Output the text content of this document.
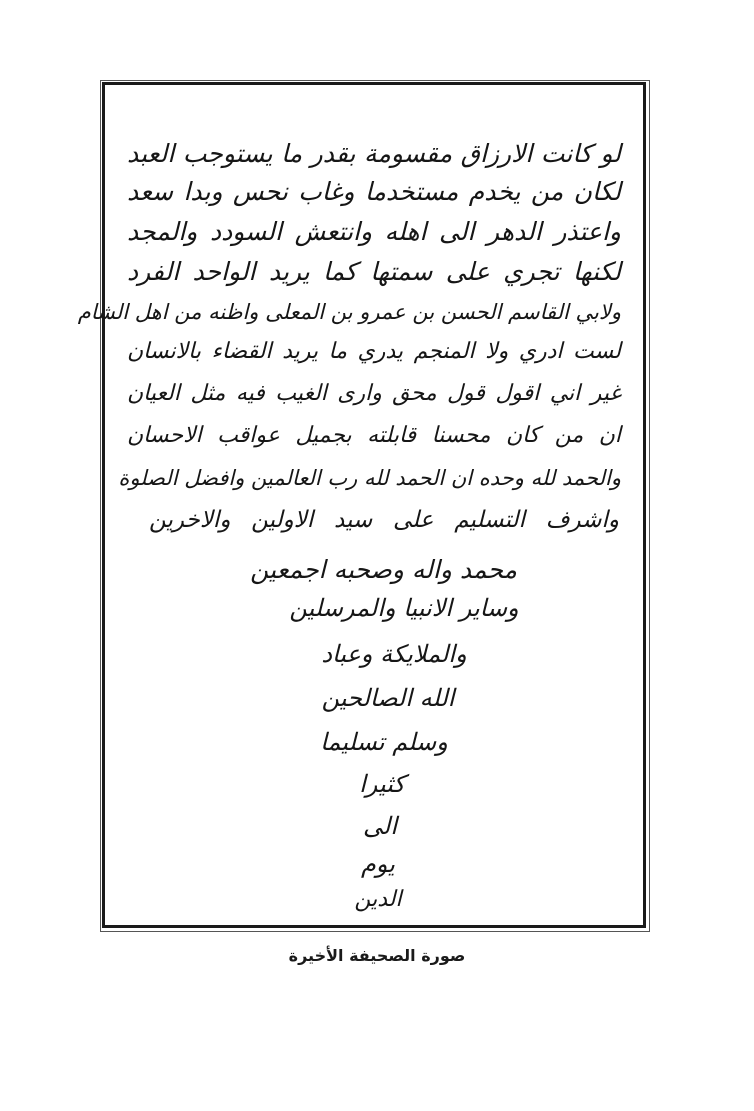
لو كانت الارزاق مقسومة بقدر ما يستوجب العبد
لكان من يخدم مستخدما وغاب نحس وبدا سعد
واعتذر الدهر الى اهله وانتعش السودد والمجد
لكنها تجري على سمتها كما يريد الواحد الفرد
ولابي القاسم الحسن بن عمرو بن المعلى واظنه من اهل الشام
لست ادري ولا المنجم يدري ما يريد القضاء بالانسان
غير اني اقول قول محق وارى الغيب فيه مثل العيان
ان من كان محسنا قابلته بجميل عواقب الاحسان
والحمد لله وحده ان الحمد لله رب العالمين وافضل الصلوة
واشرف التسليم على سيد الاولين والاخرين
محمد واله وصحبه اجمعين
وساير الانبيا والمرسلين
والملايكة وعباد
الله الصالحين
وسلم تسليما
كثيرا
الى
يوم
الدين
صورة الصحيفة الأخيرة
